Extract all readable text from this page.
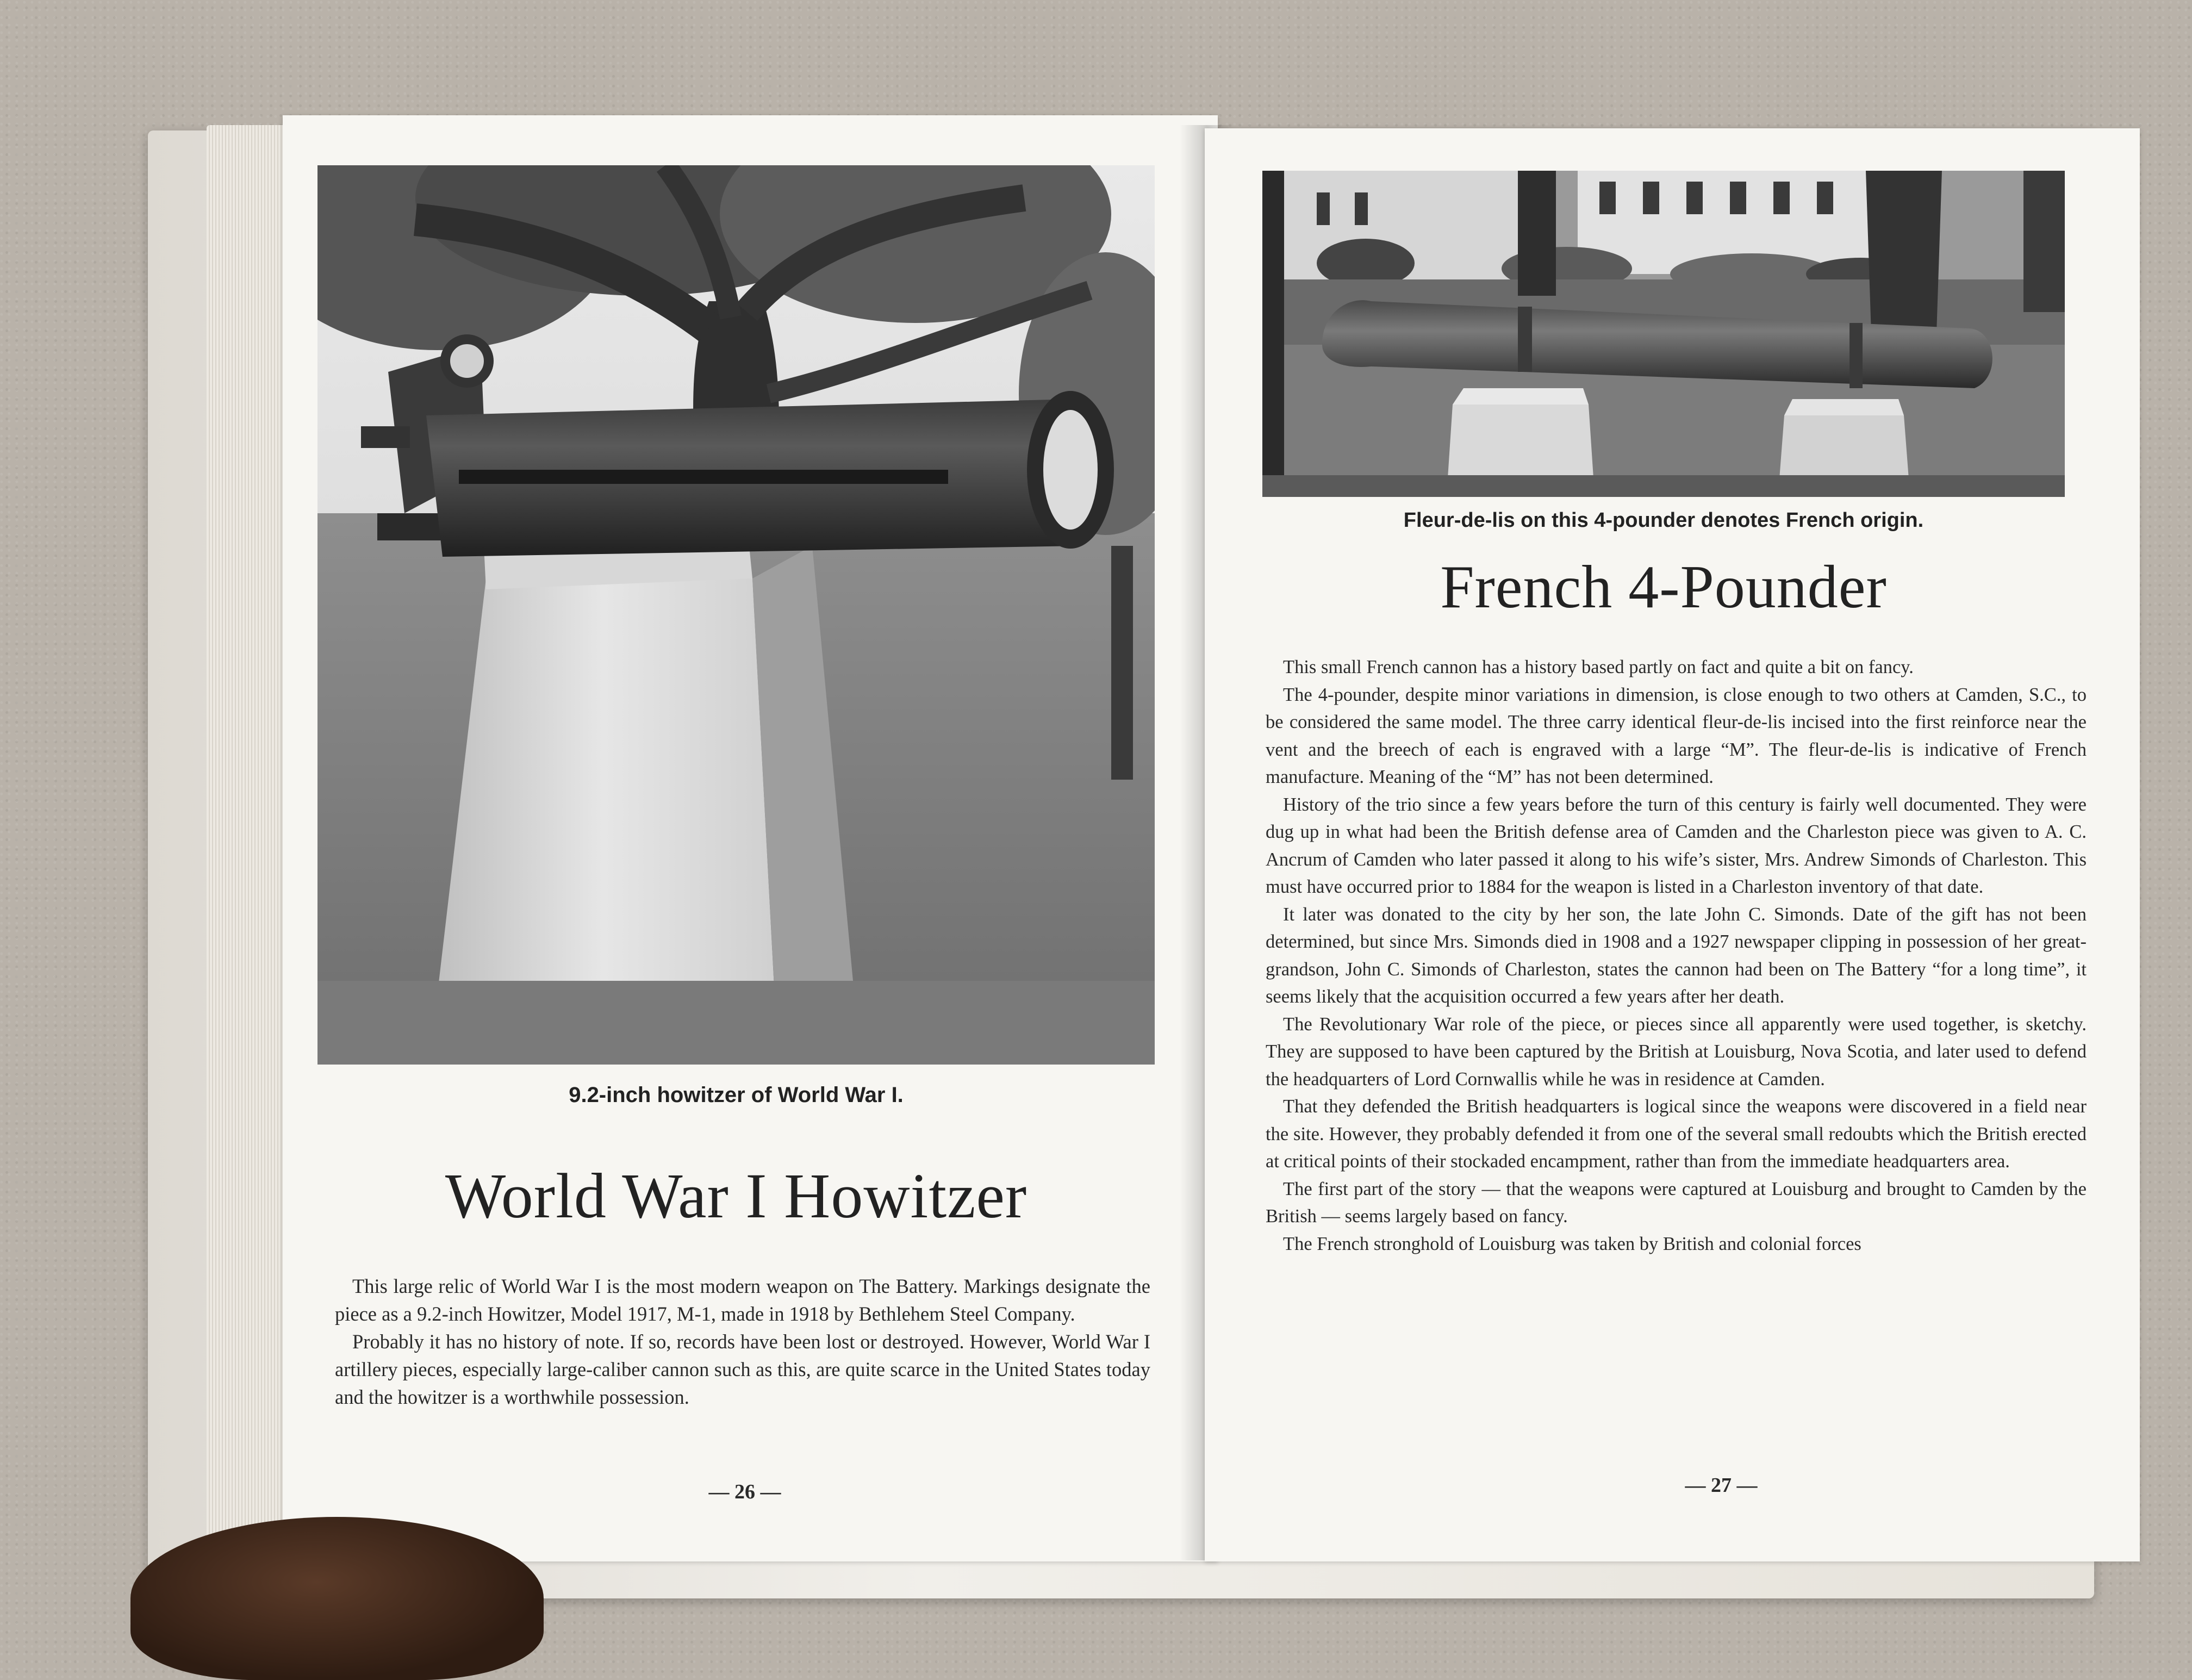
9.2-inch howitzer of World War I.
World War I Howitzer

This large relic of World War I is the most modern weapon on The Battery. Markings designate the piece as a 9.2-inch Howitzer, Model 1917, M-1, made in 1918 by Bethlehem Steel Company.

Probably it has no history of note. If so, records have been lost or destroyed. However, World War I artillery pieces, especially large-caliber cannon such as this, are quite scarce in the United States today and the howitzer is a worthwhile possession.

— 26 —
Fleur-de-lis on this 4-pounder denotes French origin.
French 4-Pounder

This small French cannon has a history based partly on fact and quite a bit on fancy.

The 4-pounder, despite minor variations in dimension, is close enough to two others at Camden, S.C., to be considered the same model. The three carry identical fleur-de-lis incised into the first reinforce near the vent and the breech of each is engraved with a large “M”. The fleur-de-lis is indicative of French manufacture. Meaning of the “M” has not been determined.

History of the trio since a few years before the turn of this century is fairly well documented. They were dug up in what had been the British defense area of Camden and the Charleston piece was given to A. C. Ancrum of Camden who later passed it along to his wife’s sister, Mrs. Andrew Simonds of Charleston. This must have occurred prior to 1884 for the weapon is listed in a Charleston inventory of that date.

It later was donated to the city by her son, the late John C. Simonds. Date of the gift has not been determined, but since Mrs. Simonds died in 1908 and a 1927 newspaper clipping in possession of her great-grandson, John C. Simonds of Charleston, states the cannon had been on The Battery “for a long time”, it seems likely that the acquisition occurred a few years after her death.

The Revolutionary War role of the piece, or pieces since all apparently were used together, is sketchy. They are supposed to have been captured by the British at Louisburg, Nova Scotia, and later used to defend the headquarters of Lord Cornwallis while he was in residence at Camden.

That they defended the British headquarters is logical since the weapons were discovered in a field near the site. However, they probably defended it from one of the several small redoubts which the British erected at critical points of their stockaded encampment, rather than from the immediate headquarters area.

The first part of the story — that the weapons were captured at Louisburg and brought to Camden by the British — seems largely based on fancy.

The French stronghold of Louisburg was taken by British and colonial forces

— 27 —
